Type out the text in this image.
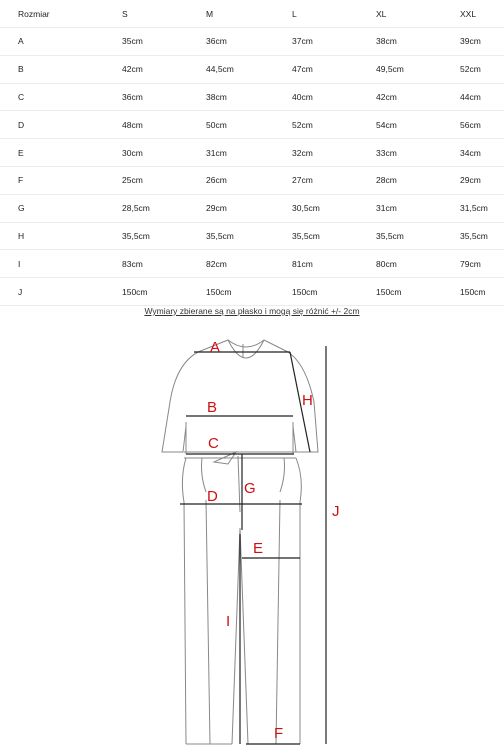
Rozmiar	S	M	L	XL	XXL
A	35cm	36cm	37cm	38cm	39cm
B	42cm	44,5cm	47cm	49,5cm	52cm
C	36cm	38cm	40cm	42cm	44cm
D	48cm	50cm	52cm	54cm	56cm
E	30cm	31cm	32cm	33cm	34cm
F	25cm	26cm	27cm	28cm	29cm
G	28,5cm	29cm	30,5cm	31cm	31,5cm
H	35,5cm	35,5cm	35,5cm	35,5cm	35,5cm
I	83cm	82cm	81cm	80cm	79cm
J	150cm	150cm	150cm	150cm	150cm
Wymiary zbierane są na płasko i mogą się różnić +/- 2cm
A
B
C
D
E
F
G
H
I
J
